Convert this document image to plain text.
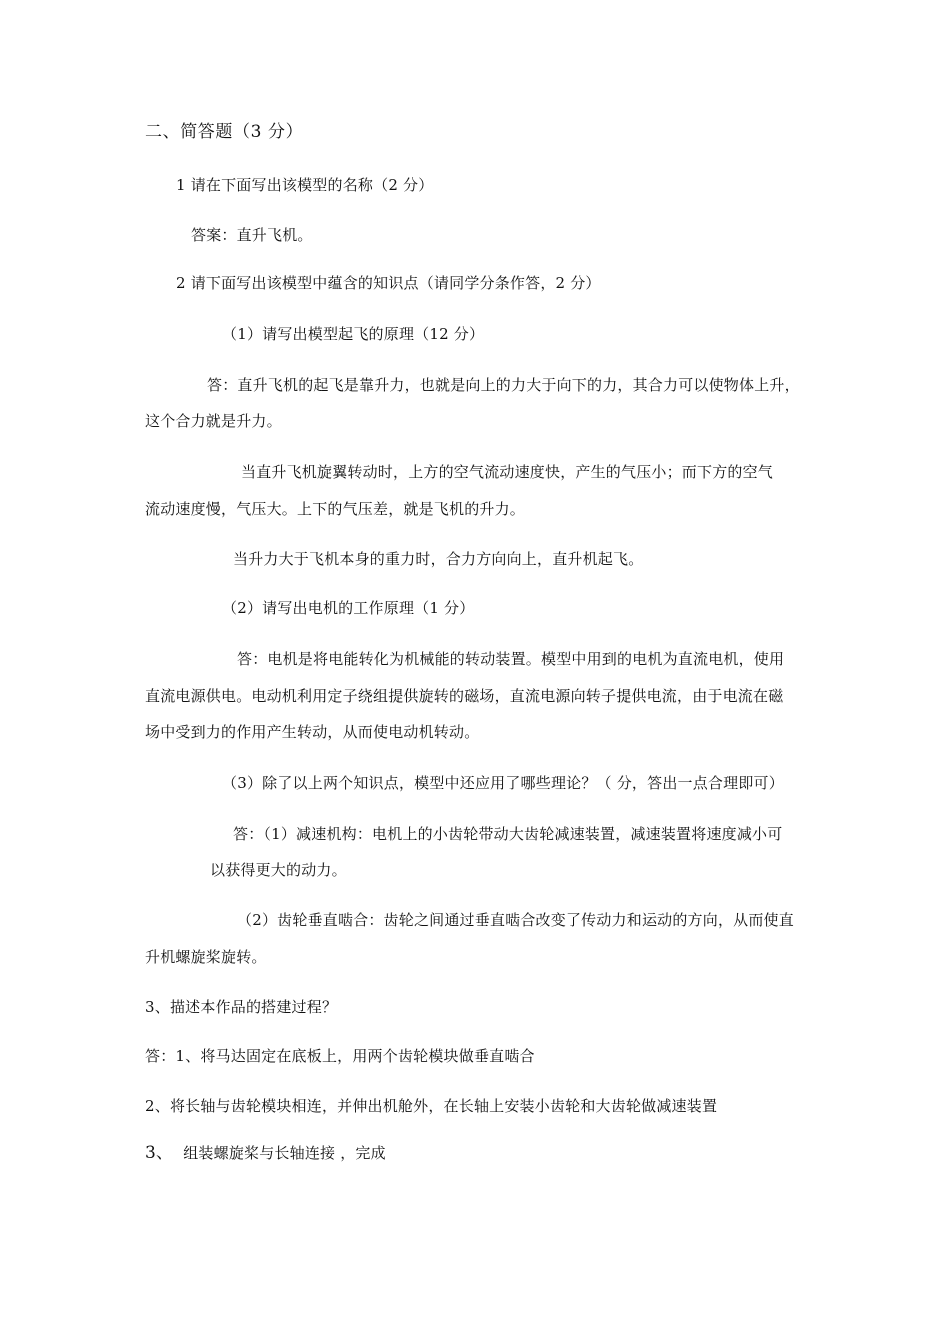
二、简答题（3 分）
1 请在下面写出该模型的名称（2 分）
答案：直升飞机。
2 请下面写出该模型中蕴含的知识点（请同学分条作答，2 分）
（1）请写出模型起飞的原理（12 分）
答：直升飞机的起飞是靠升力，也就是向上的力大于向下的力，其合力可以使物体上升，
这个合力就是升力。
当直升飞机旋翼转动时，上方的空气流动速度快，产生的气压小；而下方的空气
流动速度慢，气压大。上下的气压差，就是飞机的升力。
当升力大于飞机本身的重力时，合力方向向上，直升机起飞。
（2）请写出电机的工作原理（1 分）
答：电机是将电能转化为机械能的转动装置。模型中用到的电机为直流电机，使用
直流电源供电。电动机利用定子绕组提供旋转的磁场，直流电源向转子提供电流，由于电流在磁
场中受到力的作用产生转动，从而使电动机转动。
（3）除了以上两个知识点，模型中还应用了哪些理论？（ 分，答出一点合理即可）
答：（1）减速机构：电机上的小齿轮带动大齿轮减速装置，减速装置将速度减小可
以获得更大的动力。
（2）齿轮垂直啮合：齿轮之间通过垂直啮合改变了传动力和运动的方向，从而使直
升机螺旋桨旋转。
3、描述本作品的搭建过程？
答：1、将马达固定在底板上，用两个齿轮模块做垂直啮合
2、将长轴与齿轮模块相连，并伸出机舱外，在长轴上安装小齿轮和大齿轮做减速装置
3、 组装螺旋桨与长轴连接 ，完成
